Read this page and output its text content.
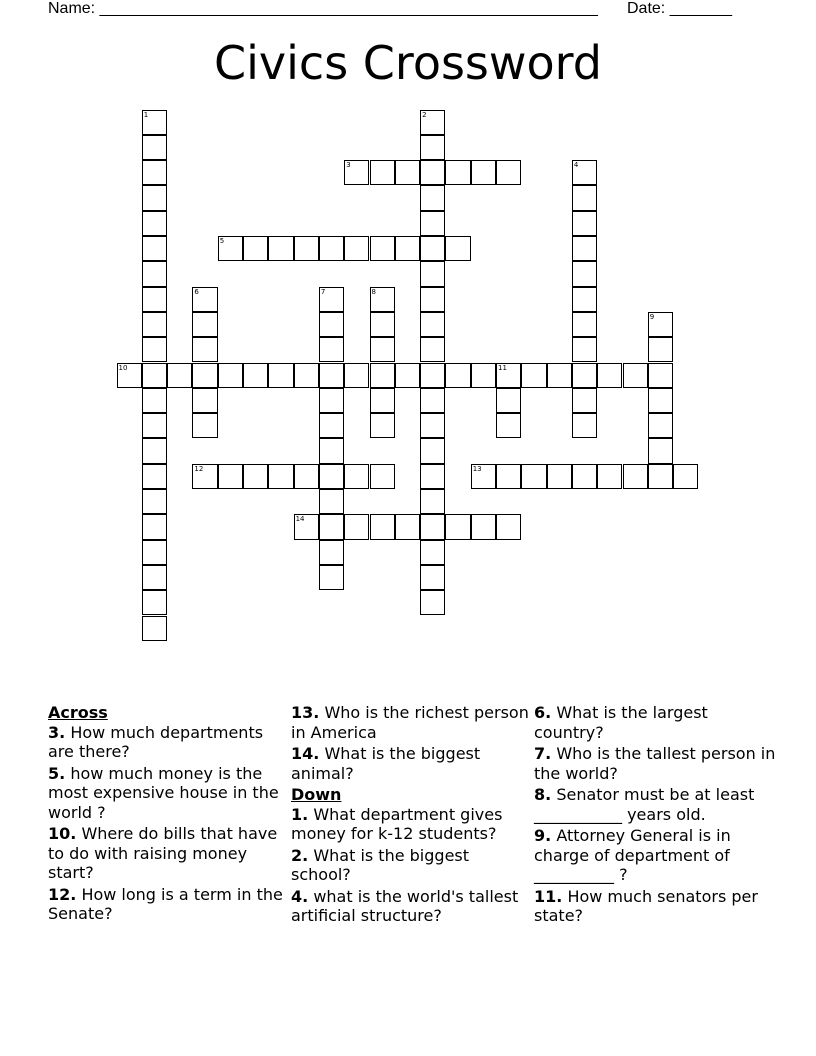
Name: ________________________________________________________ Date: _______
Civics Crossword
1	2
3	4
5
6	7	8
9
10	11
12	13
14
Across
3. How much departments are there?
5. how much money is the most expensive house in the world ?
10. Where do bills that have to do with raising money start?
12. How long is a term in the Senate?
13. Who is the richest person in America
14. What is the biggest animal?
Down
1. What department gives money for k-12 students?
2. What is the biggest school?
4. what is the world's tallest artificial structure?
6. What is the largest country?
7. Who is the tallest person in the world?
8. Senator must be at least ___________ years old.
9. Attorney General is in charge of department of __________ ?
11. How much senators per state?
